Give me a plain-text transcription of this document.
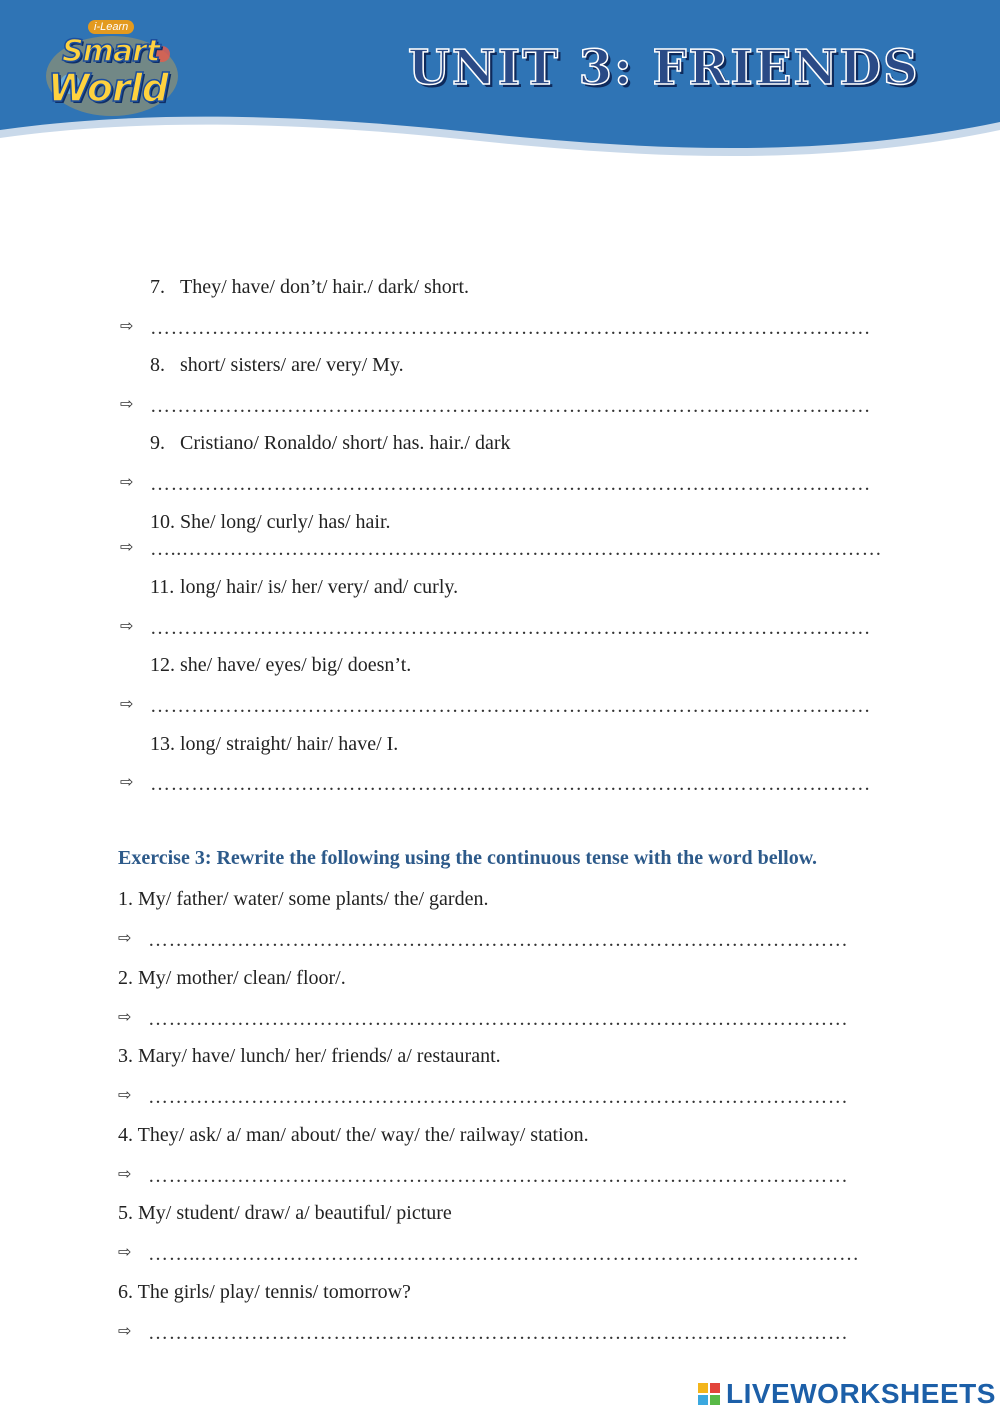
i-Learn
Smart
World	UNIT 3: FRIENDS
7. They/ have/ don’t/ hair./ dark/ short.
⇨ ……………………………………………………………………………………………
8. short/ sisters/ are/ very/ My.
⇨ ……………………………………………………………………………………………
9. Cristiano/ Ronaldo/ short/ has. hair./ dark
⇨ ……………………………………………………………………………………………
10. She/ long/ curly/ has/ hair.
⇨ …..…………………………………………………………………………………………
11. long/ hair/ is/ her/ very/ and/ curly.
⇨ ……………………………………………………………………………………………
12. she/ have/ eyes/ big/ doesn’t.
⇨ ……………………………………………………………………………………………
13. long/ straight/ hair/ have/ I.
⇨ ……………………………………………………………………………………………
Exercise 3: Rewrite the following using the continuous tense with the word bellow.
1. My/ father/ water/ some plants/ the/ garden.
⇨ …………………………………………………………………………………………
2. My/ mother/ clean/ floor/.
⇨ …………………………………………………………………………………………
3. Mary/ have/ lunch/ her/ friends/ a/ restaurant.
⇨ …………………………………………………………………………………………
4. They/ ask/ a/ man/ about/ the/ way/ the/ railway/ station.
⇨ …………………………………………………………………………………………
5. My/ student/ draw/ a/ beautiful/ picture
⇨ ……..……………………………………………………………………………………
6. The girls/ play/ tennis/ tomorrow?
⇨ …………………………………………………………………………………………
LIVEWORKSHEETS
